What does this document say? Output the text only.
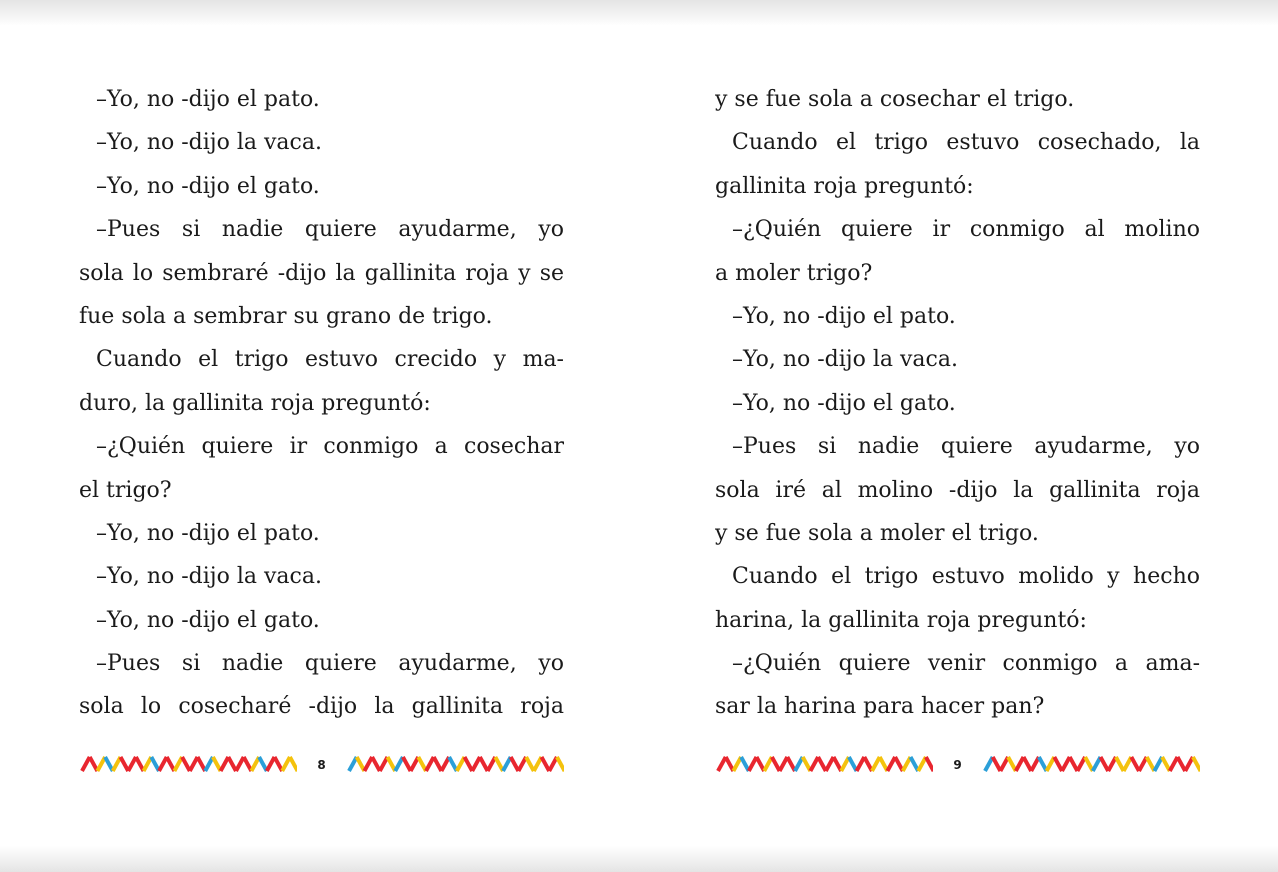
–Yo, no -dijo el pato.
–Yo, no -dijo la vaca.
–Yo, no -dijo el gato.
–Pues si nadie quiere ayudarme, yo
sola lo sembraré -dijo la gallinita roja y se
fue sola a sembrar su grano de trigo.
Cuando el trigo estuvo crecido y ma-
duro, la gallinita roja preguntó:
–¿Quién quiere ir conmigo a cosechar
el trigo?
–Yo, no -dijo el pato.
–Yo, no -dijo la vaca.
–Yo, no -dijo el gato.
–Pues si nadie quiere ayudarme, yo
sola lo cosecharé -dijo la gallinita roja
y se fue sola a cosechar el trigo.
Cuando el trigo estuvo cosechado, la
gallinita roja preguntó:
–¿Quién quiere ir conmigo al molino
a moler trigo?
–Yo, no -dijo el pato.
–Yo, no -dijo la vaca.
–Yo, no -dijo el gato.
–Pues si nadie quiere ayudarme, yo
sola iré al molino -dijo la gallinita roja
y se fue sola a moler el trigo.
Cuando el trigo estuvo molido y hecho
harina, la gallinita roja preguntó:
–¿Quién quiere venir conmigo a ama-
sar la harina para hacer pan?
8	9
